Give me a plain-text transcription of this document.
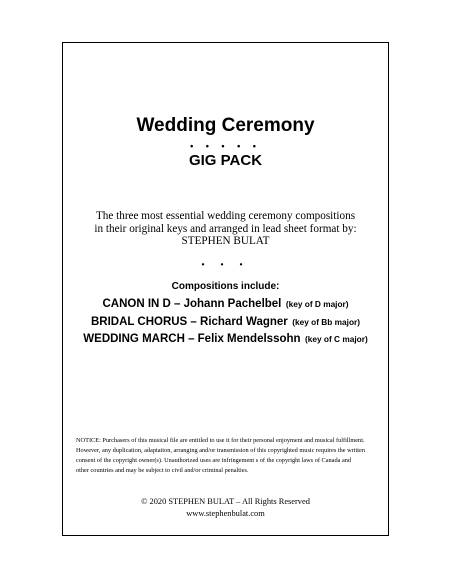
Wedding Ceremony
• • • • •
GIG PACK
The three most essential wedding ceremony compositions
in their original keys and arranged in lead sheet format by:
STEPHEN BULAT
• • •
Compositions include:
CANON IN D – Johann Pachelbel (key of D major)
BRIDAL CHORUS – Richard Wagner (key of Bb major)
WEDDING MARCH – Felix Mendelssohn (key of C major)
NOTICE: Purchasers of this musical file are entitled to use it for their personal enjoyment and musical fulfillment.
However, any duplication, adaptation, arranging and/or transmission of this copyrighted music requires the written
consent of the copyright owner(s). Unauthorized uses are infringement s of the copyright laws of Canada and
other countries and may be subject to civil and/or criminal penalties.
© 2020 STEPHEN BULAT – All Rights Reserved
www.stephenbulat.com
